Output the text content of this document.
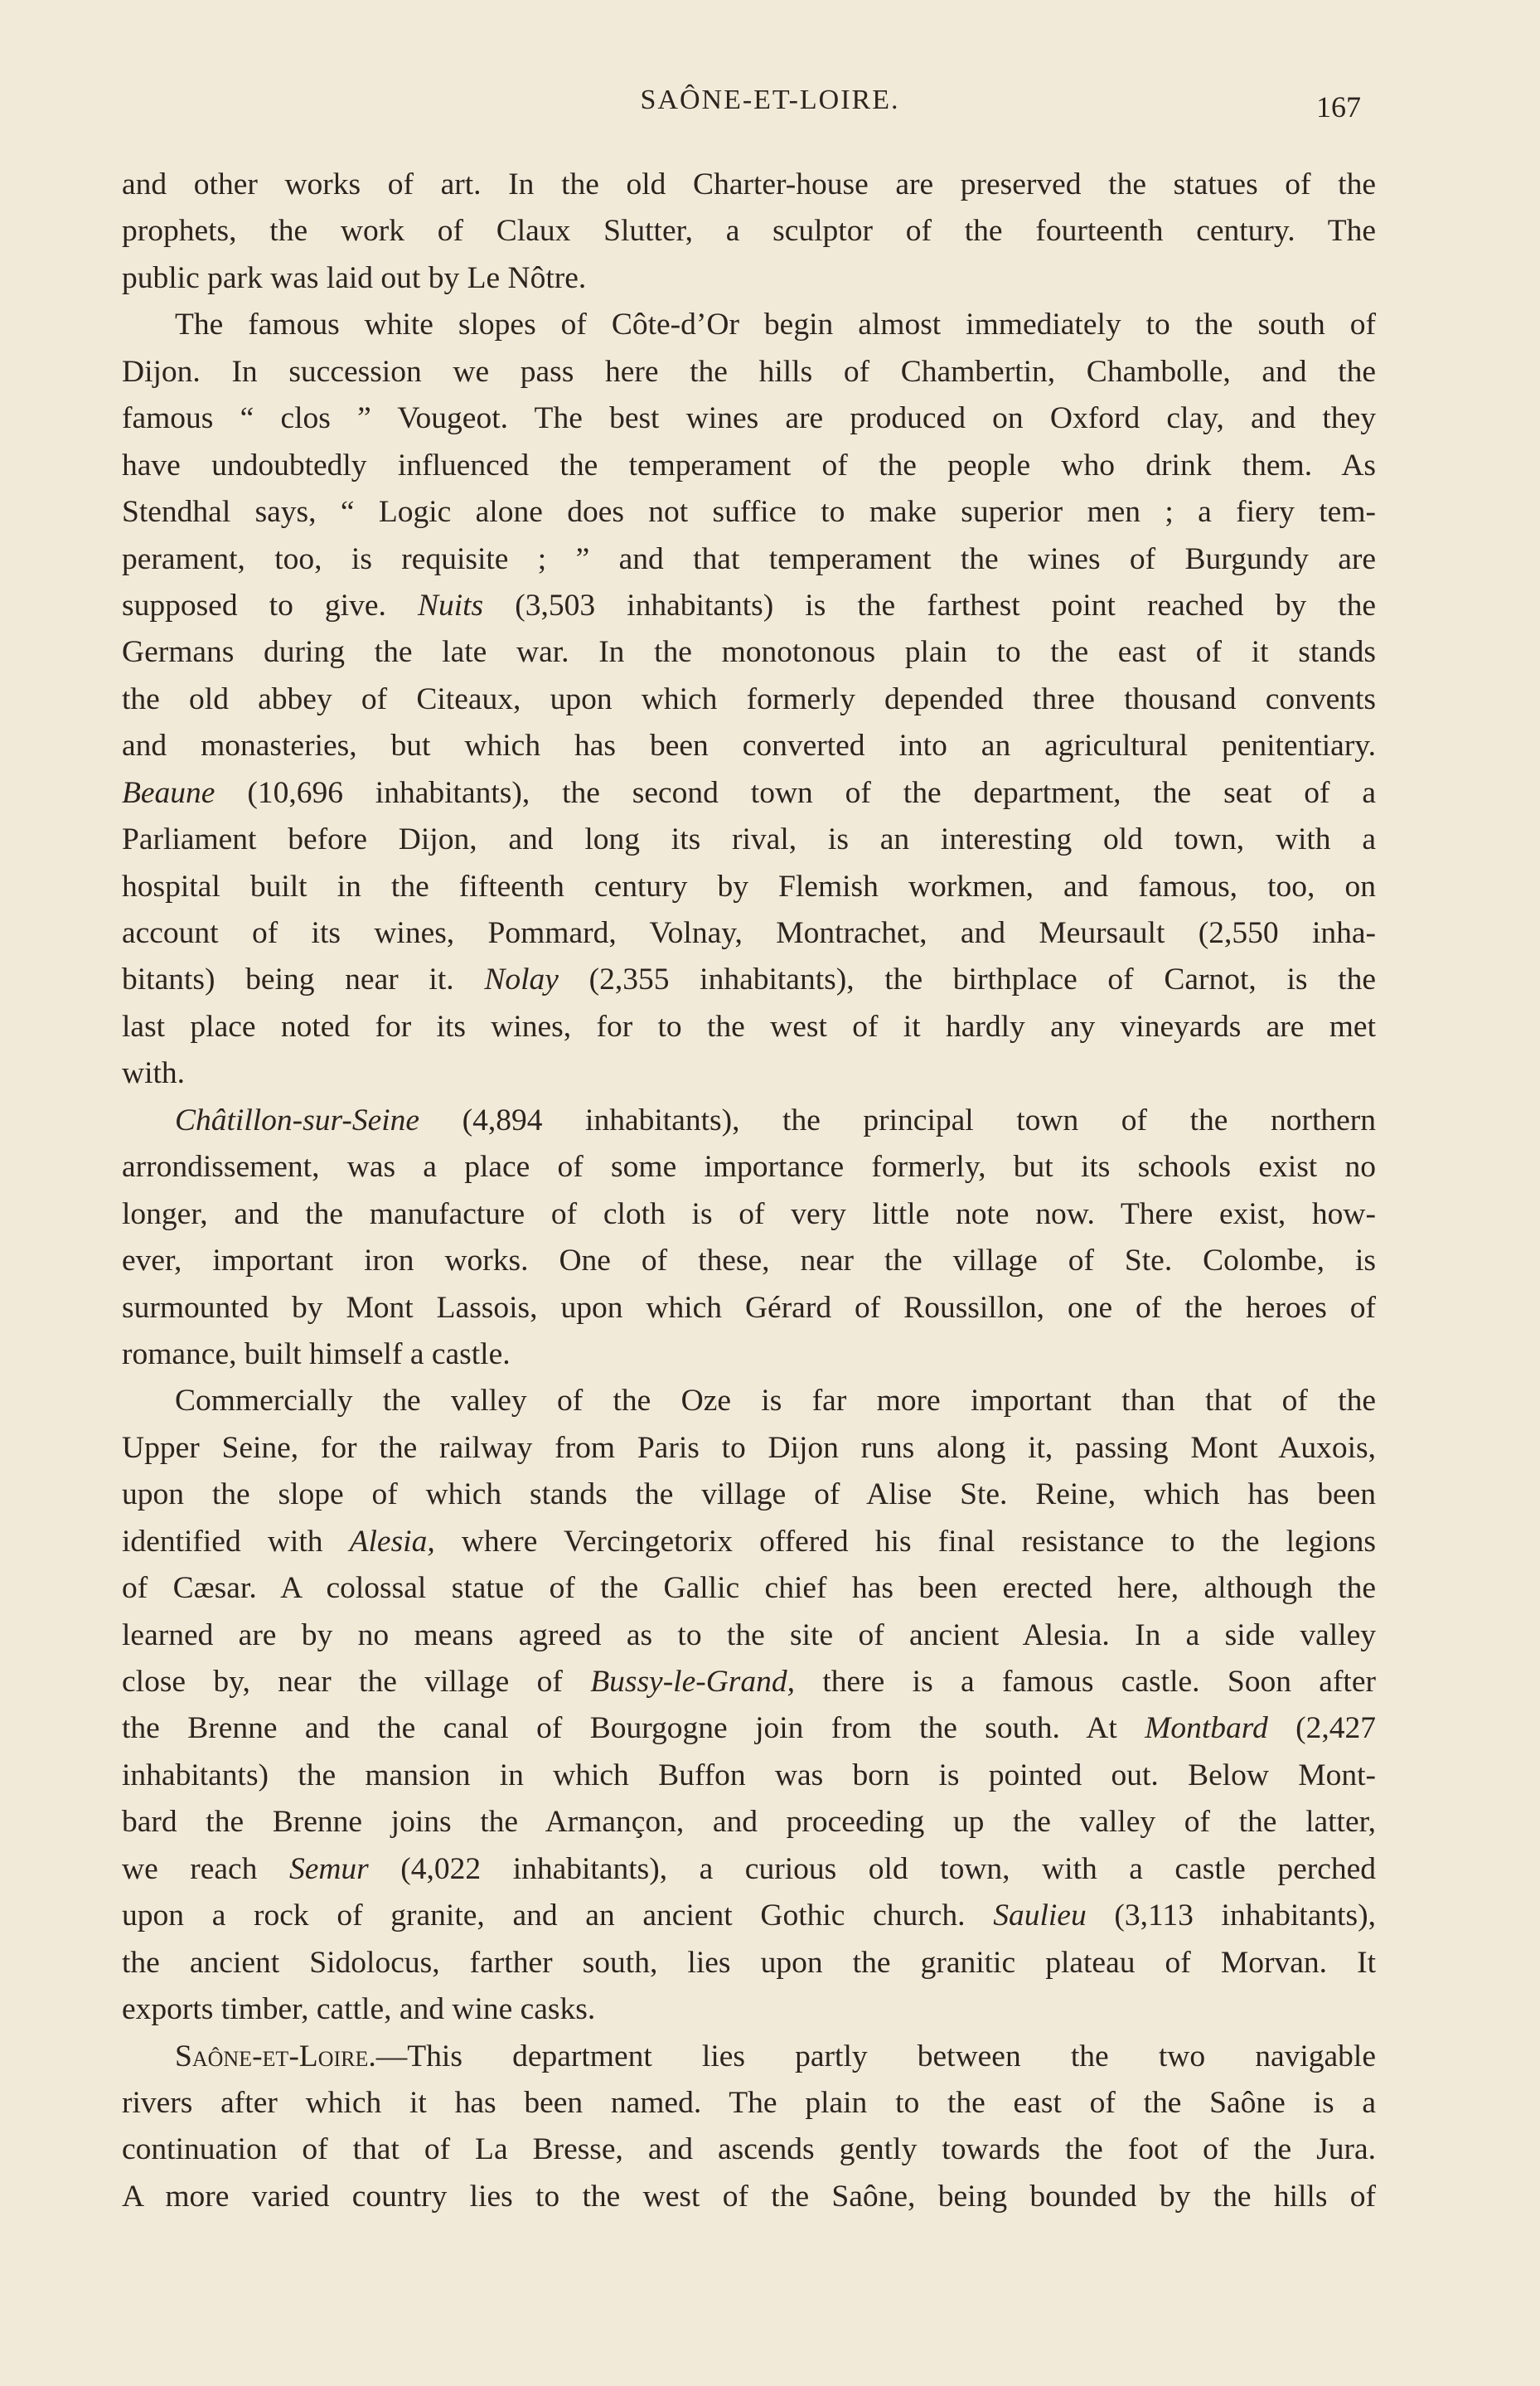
SAÔNE-ET-LOIRE.	167
and other works of art. In the old Charter-house are preserved the statues of the
prophets, the work of Claux Slutter, a sculptor of the fourteenth century. The
public park was laid out by Le Nôtre.
The famous white slopes of Côte-d’Or begin almost immediately to the south of
Dijon. In succession we pass here the hills of Chambertin, Chambolle, and the
famous “ clos ” Vougeot. The best wines are produced on Oxford clay, and they
have undoubtedly influenced the temperament of the people who drink them. As
Stendhal says, “ Logic alone does not suffice to make superior men ; a fiery tem-
perament, too, is requisite ; ” and that temperament the wines of Burgundy are
supposed to give. Nuits (3,503 inhabitants) is the farthest point reached by the
Germans during the late war. In the monotonous plain to the east of it stands
the old abbey of Citeaux, upon which formerly depended three thousand convents
and monasteries, but which has been converted into an agricultural penitentiary.
Beaune (10,696 inhabitants), the second town of the department, the seat of a
Parliament before Dijon, and long its rival, is an interesting old town, with a
hospital built in the fifteenth century by Flemish workmen, and famous, too, on
account of its wines, Pommard, Volnay, Montrachet, and Meursault (2,550 inha-
bitants) being near it. Nolay (2,355 inhabitants), the birthplace of Carnot, is the
last place noted for its wines, for to the west of it hardly any vineyards are met
with.
Châtillon-sur-Seine (4,894 inhabitants), the principal town of the northern
arrondissement, was a place of some importance formerly, but its schools exist no
longer, and the manufacture of cloth is of very little note now. There exist, how-
ever, important iron works. One of these, near the village of Ste. Colombe, is
surmounted by Mont Lassois, upon which Gérard of Roussillon, one of the heroes of
romance, built himself a castle.
Commercially the valley of the Oze is far more important than that of the
Upper Seine, for the railway from Paris to Dijon runs along it, passing Mont Auxois,
upon the slope of which stands the village of Alise Ste. Reine, which has been
identified with Alesia, where Vercingetorix offered his final resistance to the legions
of Cæsar. A colossal statue of the Gallic chief has been erected here, although the
learned are by no means agreed as to the site of ancient Alesia. In a side valley
close by, near the village of Bussy-le-Grand, there is a famous castle. Soon after
the Brenne and the canal of Bourgogne join from the south. At Montbard (2,427
inhabitants) the mansion in which Buffon was born is pointed out. Below Mont-
bard the Brenne joins the Armançon, and proceeding up the valley of the latter,
we reach Semur (4,022 inhabitants), a curious old town, with a castle perched
upon a rock of granite, and an ancient Gothic church. Saulieu (3,113 inhabitants),
the ancient Sidolocus, farther south, lies upon the granitic plateau of Morvan. It
exports timber, cattle, and wine casks.
Saône-et-Loire.—This department lies partly between the two navigable
rivers after which it has been named. The plain to the east of the Saône is a
continuation of that of La Bresse, and ascends gently towards the foot of the Jura.
A more varied country lies to the west of the Saône, being bounded by the hills of
